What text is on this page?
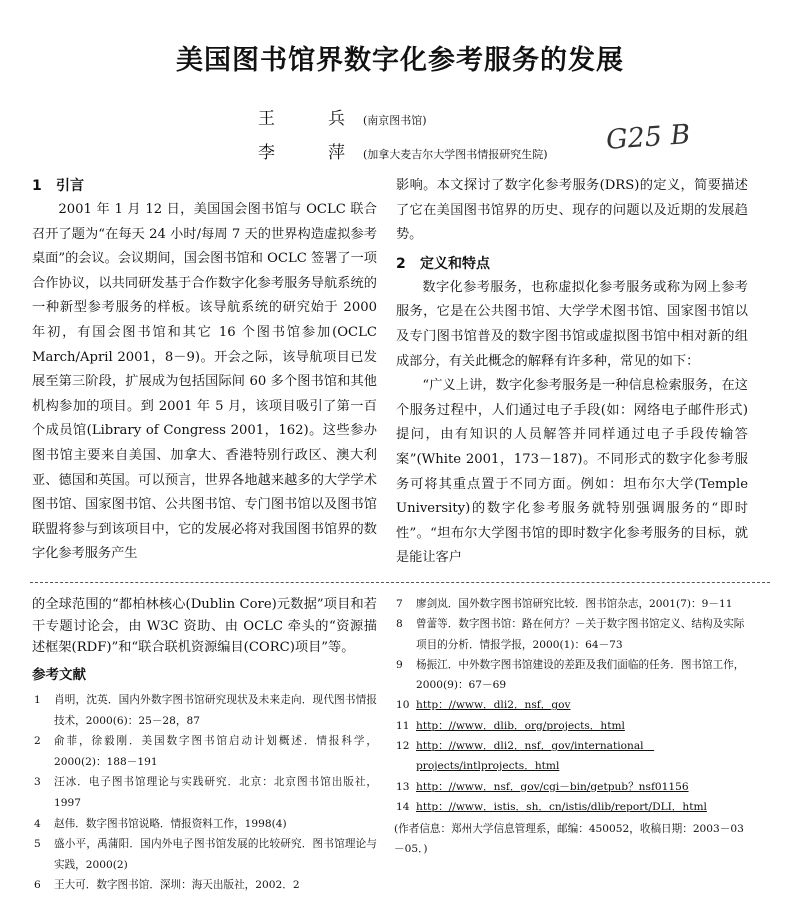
美国图书馆界数字化参考服务的发展
王　兵(南京图书馆)
李　萍(加拿大麦吉尔大学图书情报研究生院) G25 B
1 引言

2001 年 1 月 12 日，美国国会图书馆与 OCLC 联合召开了题为“在每天 24 小时/每周 7 天的世界构造虚拟参考桌面”的会议。会议期间，国会图书馆和 OCLC 签署了一项合作协议，以共同研发基于合作数字化参考服务导航系统的一种新型参考服务的样板。该导航系统的研究始于 2000 年初，有国会图书馆和其它 16 个图书馆参加(OCLC March/April 2001，8－9)。开会之际，该导航项目已发展至第三阶段，扩展成为包括国际间 60 多个图书馆和其他机构参加的项目。到 2001 年 5 月，该项目吸引了第一百个成员馆(Library of Congress 2001，162)。这些参办图书馆主要来自美国、加拿大、香港特别行政区、澳大利亚、德国和英国。可以预言，世界各地越来越多的大学学术图书馆、国家图书馆、公共图书馆、专门图书馆以及图书馆联盟将参与到该项目中，它的发展必将对我国图书馆界的数字化参考服务产生

影响。本文探讨了数字化参考服务(DRS)的定义，简要描述了它在美国图书馆界的历史、现存的问题以及近期的发展趋势。

2 定义和特点

数字化参考服务，也称虚拟化参考服务或称为网上参考服务，它是在公共图书馆、大学学术图书馆、国家图书馆以及专门图书馆普及的数字图书馆或虚拟图书馆中相对新的组成部分，有关此概念的解释有许多种，常见的如下：

“广义上讲，数字化参考服务是一种信息检索服务，在这个服务过程中，人们通过电子手段(如：网络电子邮件形式)提问，由有知识的人员解答并同样通过电子手段传输答案”(White 2001，173－187)。不同形式的数字化参考服务可将其重点置于不同方面。例如：坦布尔大学(Temple University)的数字化参考服务就特别强调服务的“即时性”。“坦布尔大学图书馆的即时数字化参考服务的目标，就是能让客户

的全球范围的“都柏林核心(Dublin Core)元数据”项目和若干专题讨论会，由 W3C 资助、由 OCLC 牵头的“资源描述框架(RDF)”和“联合联机资源编目(CORC)项目”等。

参考文献
1 肖明，沈英．国内外数字图书馆研究现状及未来走向．现代图书情报技术，2000(6)：25－28，87
2 俞菲，徐毅刚．美国数字图书馆启动计划概述．情报科学，2000(2)：188－191
3 汪冰．电子图书馆理论与实践研究．北京：北京图书馆出版社，1997
4 赵伟．数字图书馆说略．情报资料工作，1998(4)
5 盛小平，禹蒲阳．国内外电子图书馆发展的比较研究．图书馆理论与实践，2000(2)
6 王大可．数字图书馆．深圳：海天出版社，2002．2
7 廖剑岚．国外数字图书馆研究比较．图书馆杂志，2001(7)：9－11
8 曾蕾等．数字图书馆：路在何方？－关于数字图书馆定义、结构及实际项目的分析．情报学报，2000(1)：64－73
9 杨振江．中外数字图书馆建设的差距及我们面临的任务．图书馆工作，2000(9)：67－69
10 http：//www．dli2．nsf．gov
11 http：//www．dlib．org/projects．html
12 http：//www．dli2．nsf．gov/international　projects/intlprojects．html
13 http：//www．nsf．gov/cgi－bin/getpub？nsf01156
14 http：//www．istis．sh．cn/istis/dlib/report/DLI．html
(作者信息：郑州大学信息管理系，邮编：450052，收稿日期：2003－03－05．)
